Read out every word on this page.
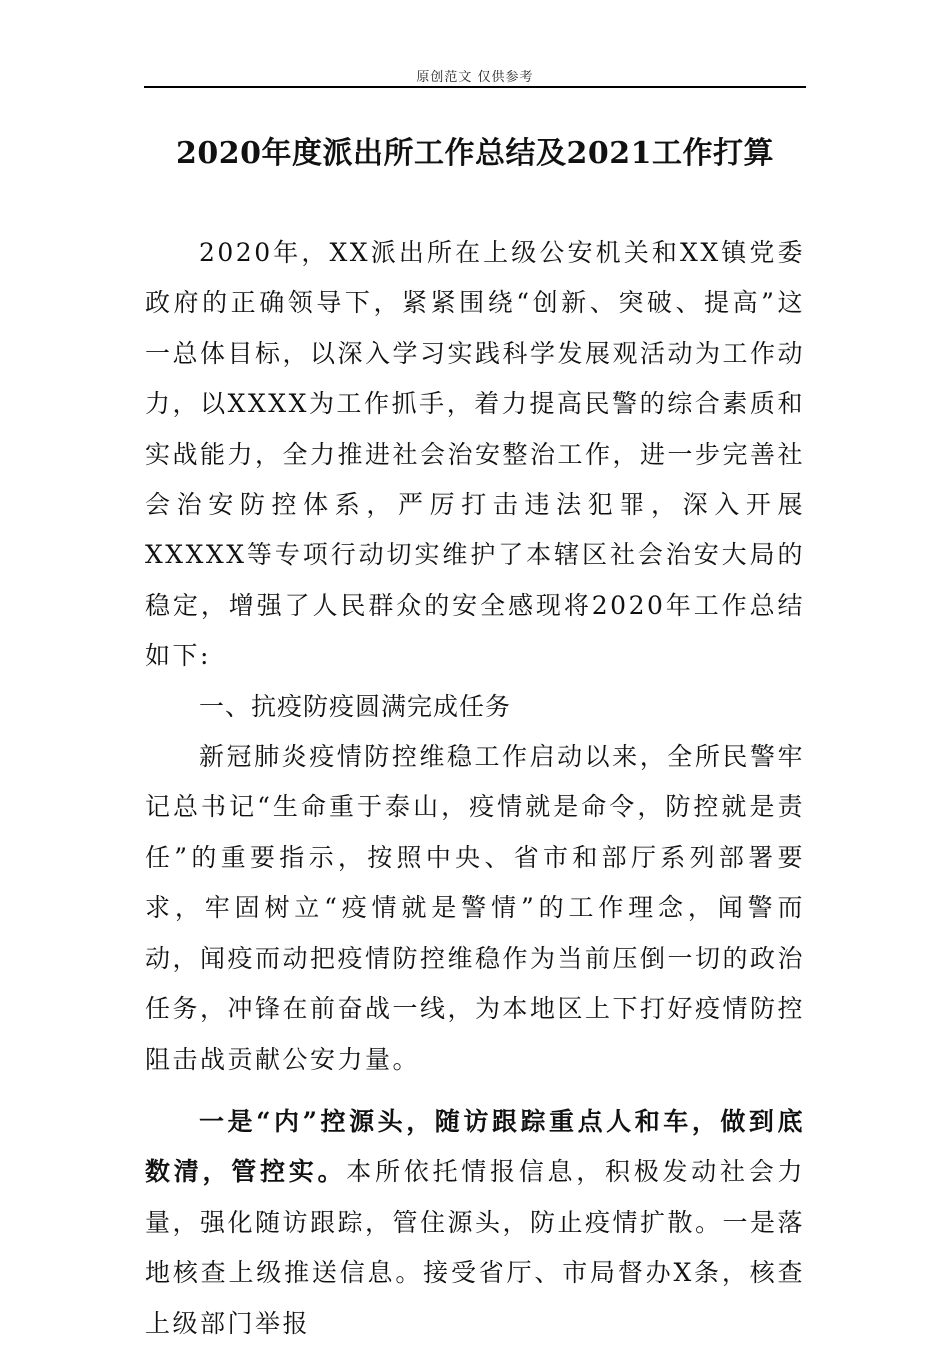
原创范文 仅供参考
2020年度派出所工作总结及2021工作打算

2020年，XX派出所在上级公安机关和XX镇党委政府的正确领导下，紧紧围绕“创新、突破、提高”这一总体目标，以深入学习实践科学发展观活动为工作动力，以XXXX为工作抓手，着力提高民警的综合素质和实战能力，全力推进社会治安整治工作，进一步完善社会治安防控体系，严厉打击违法犯罪，深入开展XXXXX等专项行动切实维护了本辖区社会治安大局的稳定，增强了人民群众的安全感现将2020年工作总结如下:

一、抗疫防疫圆满完成任务

新冠肺炎疫情防控维稳工作启动以来，全所民警牢记总书记“生命重于泰山，疫情就是命令，防控就是责任”的重要指示，按照中央、省市和部厅系列部署要求，牢固树立“疫情就是警情”的工作理念，闻警而动，闻疫而动把疫情防控维稳作为当前压倒一切的政治任务，冲锋在前奋战一线，为本地区上下打好疫情防控阻击战贡献公安力量。

一是“内”控源头，随访跟踪重点人和车，做到底数清，管控实。本所依托情报信息，积极发动社会力量，强化随访跟踪，管住源头，防止疫情扩散。一是落地核查上级推送信息。接受省厅、市局督办X条，核查上级部门举报
